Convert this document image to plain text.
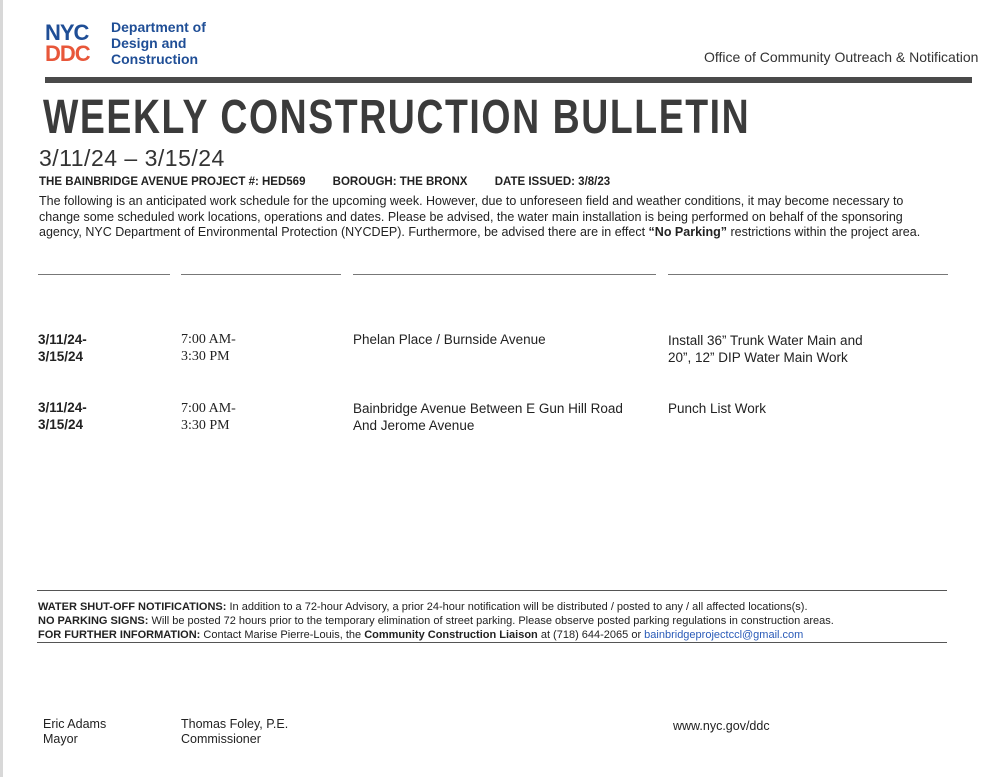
NYC
DDC
Department of
Design and
Construction	Office of Community Outreach & Notification
WEEKLY CONSTRUCTION BULLETIN
3/11/24 – 3/15/24
THE BAINBRIDGE AVENUE PROJECT #: HED569 BOROUGH: THE BRONX DATE ISSUED: 3/8/23
The following is an anticipated work schedule for the upcoming week. However, due to unforeseen field and weather conditions, it may become necessary to change some scheduled work locations, operations and dates. Please be advised, the water main installation is being performed on behalf of the sponsoring agency, NYC Department of Environmental Protection (NYCDEP). Furthermore, be advised there are in effect “No Parking” restrictions within the project area.
3/11/24-
3/15/24
7:00 AM-
3:30 PM
Phelan Place / Burnside Avenue	Install 36” Trunk Water Main and
20”, 12” DIP Water Main Work
3/11/24-
3/15/24
7:00 AM-
3:30 PM
Bainbridge Avenue Between E Gun Hill Road
And Jerome Avenue
Punch List Work
WATER SHUT-OFF NOTIFICATIONS: In addition to a 72-hour Advisory, a prior 24-hour notification will be distributed / posted to any / all affected locations(s).
NO PARKING SIGNS: Will be posted 72 hours prior to the temporary elimination of street parking. Please observe posted parking regulations in construction areas.
FOR FURTHER INFORMATION: Contact Marise Pierre-Louis, the Community Construction Liaison at (718) 644-2065 or bainbridgeprojectccl@gmail.com
Eric Adams
Mayor
Thomas Foley, P.E.
Commissioner
www.nyc.gov/ddc
